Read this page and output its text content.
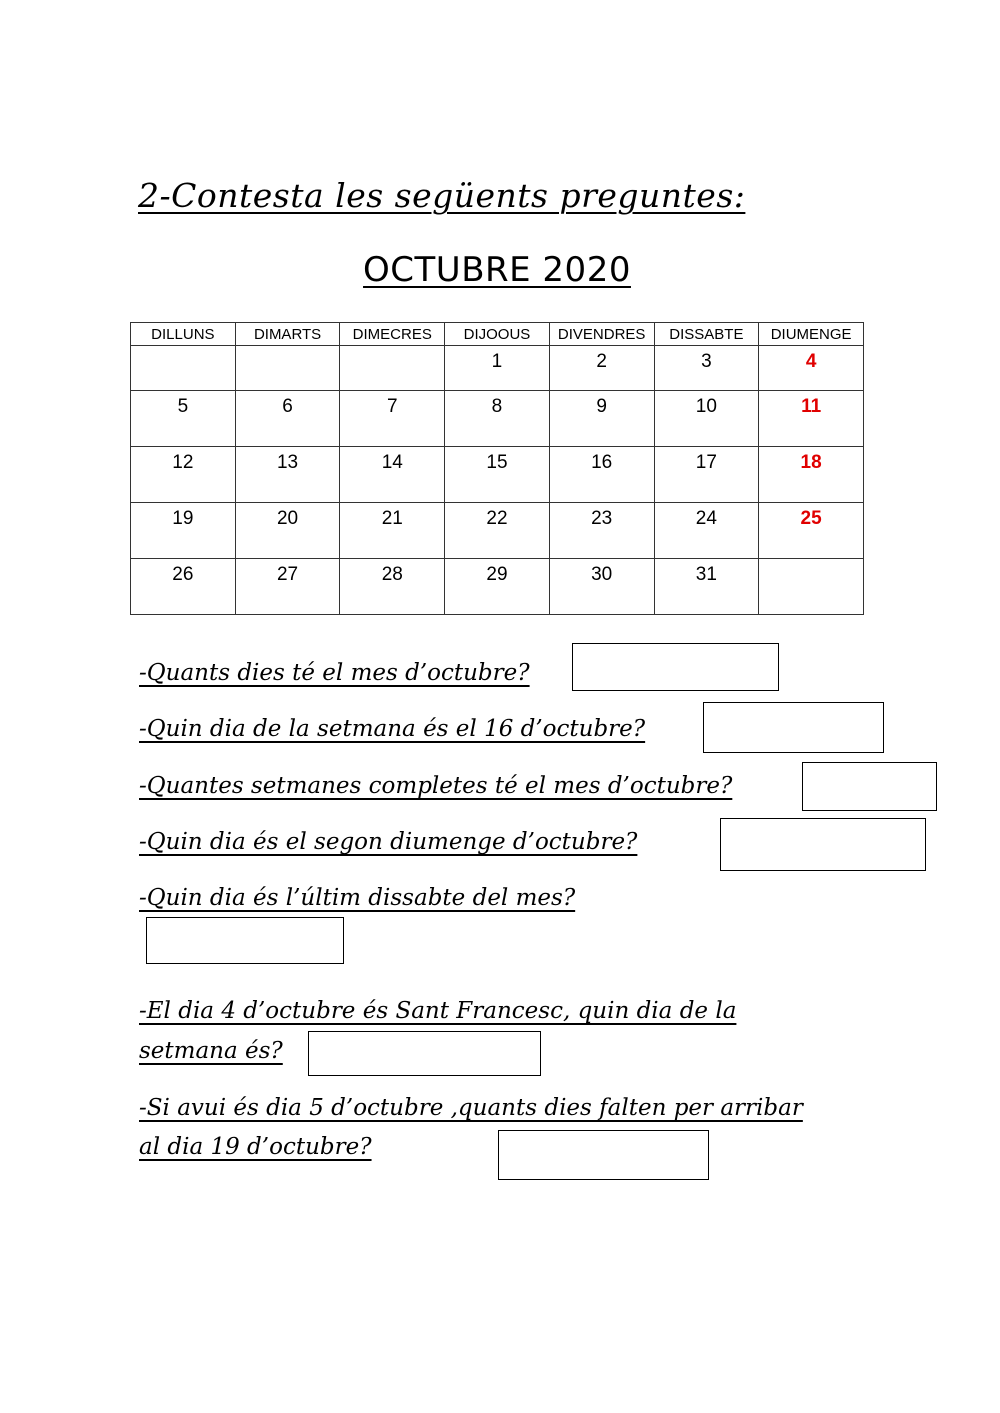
2-Contesta les següents preguntes:
OCTUBRE 2020
DILLUNS	DIMARTS	DIMECRES	DIJOOUS	DIVENDRES	DISSABTE	DIUMENGE

			1	2	3	4

5	6	7	8	9	10	11

12	13	14	15	16	17	18

19	20	21	22	23	24	25

26	27	28	29	30	31	

-Quants dies té el mes d’octubre?
-Quin dia de la setmana és el 16 d’octubre?
-Quantes setmanes completes té el mes d’octubre?
-Quin dia és el segon diumenge d’octubre?
-Quin dia és l’últim dissabte del mes?
-El dia 4 d’octubre és Sant Francesc, quin dia de la
setmana és?
-Si avui és dia 5 d’octubre ,quants dies falten per arribar
al dia 19 d’octubre?
